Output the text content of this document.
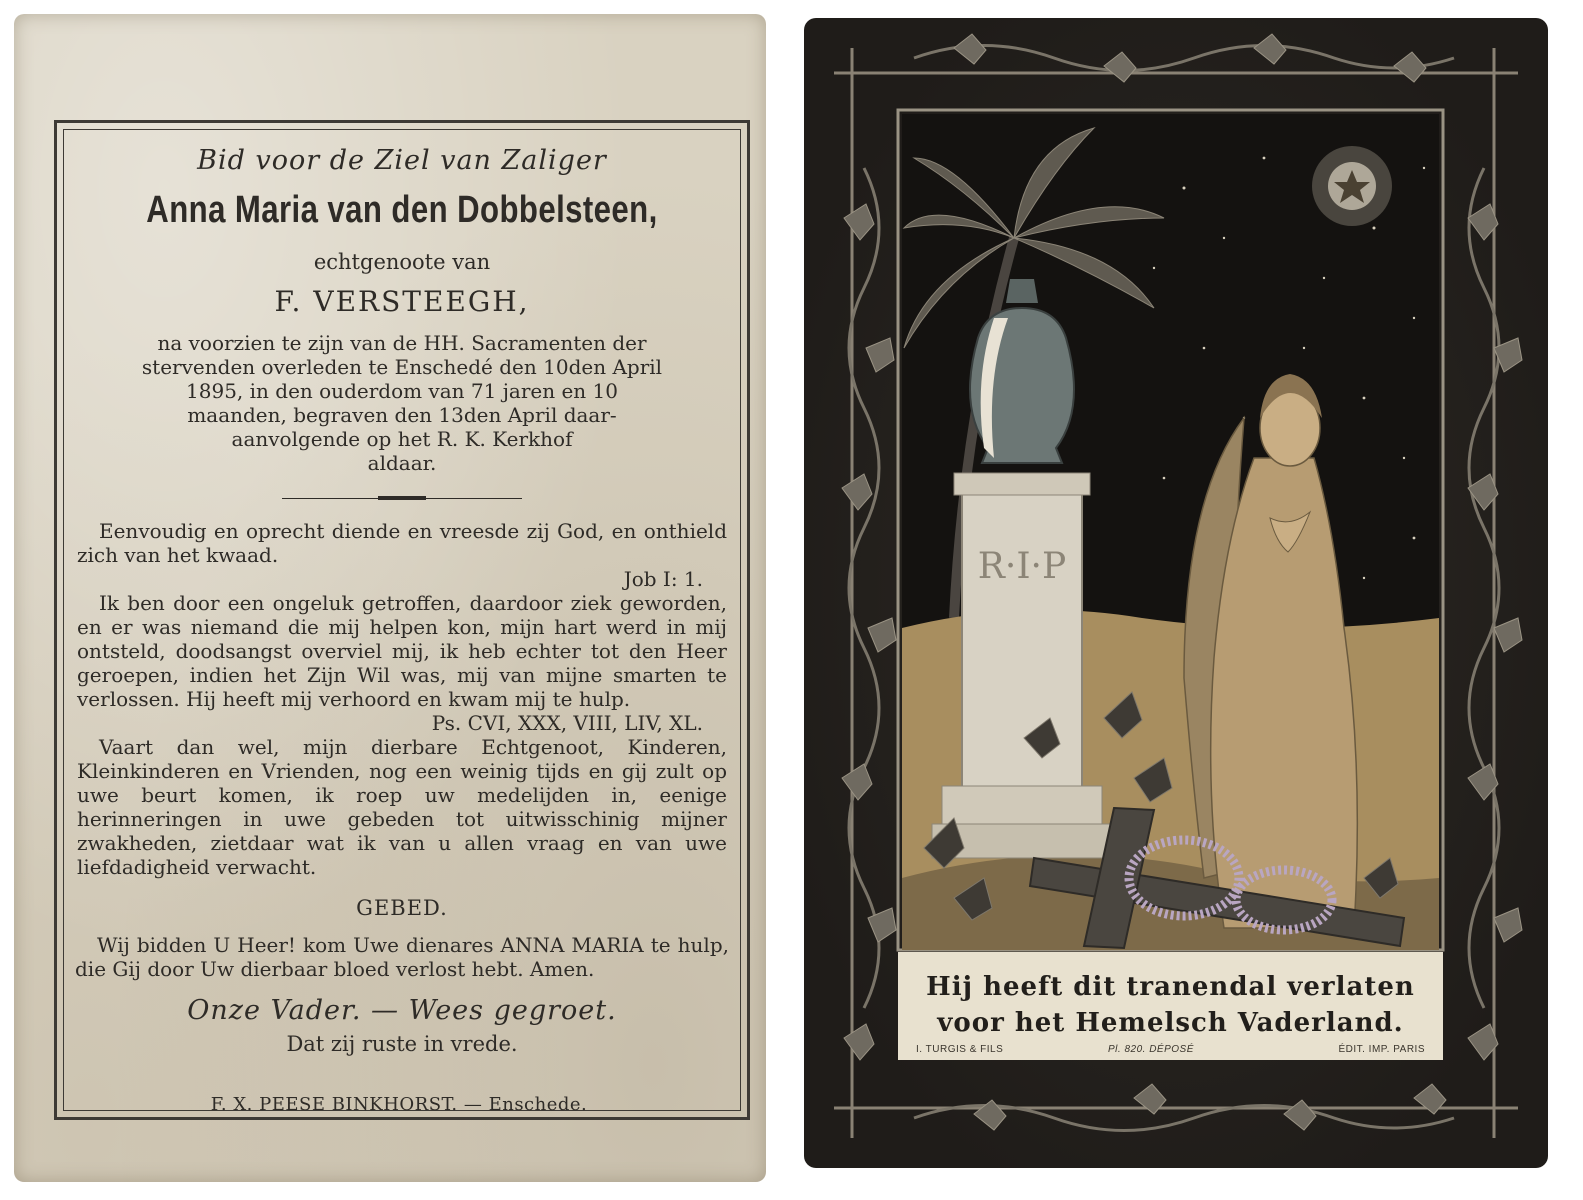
Bid voor de Ziel van Zaliger

Anna Maria van den Dobbelsteen,

echtgenoote van

F. VERSTEEGH,

na voorzien te zijn van de HH. Sacramenten der
stervenden overleden te Enschedé den 10den April
1895, in den ouderdom van 71 jaren en 10
maanden, begraven den 13den April daar-
aanvolgende op het R. K. Kerkhof
aldaar.

Eenvoudig en oprecht diende en vreesde zij God, en onthield zich van het kwaad.

Job I: 1.

Ik ben door een ongeluk getroffen, daardoor ziek geworden, en er was niemand die mij helpen kon, mijn hart werd in mij ontsteld, doodsangst overviel mij, ik heb echter tot den Heer geroepen, indien het Zijn Wil was, mij van mijne smarten te verlossen. Hij heeft mij verhoord en kwam mij te hulp.

Ps. CVI, XXX, VIII, LIV, XL.

Vaart dan wel, mijn dierbare Echtgenoot, Kinderen, Kleinkinderen en Vrienden, nog een weinig tijds en gij zult op uwe beurt komen, ik roep uw medelijden in, eenige herinneringen in uwe gebeden tot uitwisschinig mijner zwakheden, zietdaar wat ik van u allen vraag en van uwe liefdadigheid verwacht.

GEBED.

Wij bidden U Heer! kom Uwe dienares ANNA MARIA te hulp, die Gij door Uw dierbaar bloed verlost hebt. Amen.

Onze Vader. — Wees gegroet.

Dat zij ruste in vrede.

F. X. PEESE BINKHORST. — Enschede.
R·I·P
Hij heeft dit tranendal verlaten
voor het Hemelsch Vaderland.
I. TURGIS & FILS	Pl. 820. DÉPOSÉ	ÉDIT. IMP. PARIS
